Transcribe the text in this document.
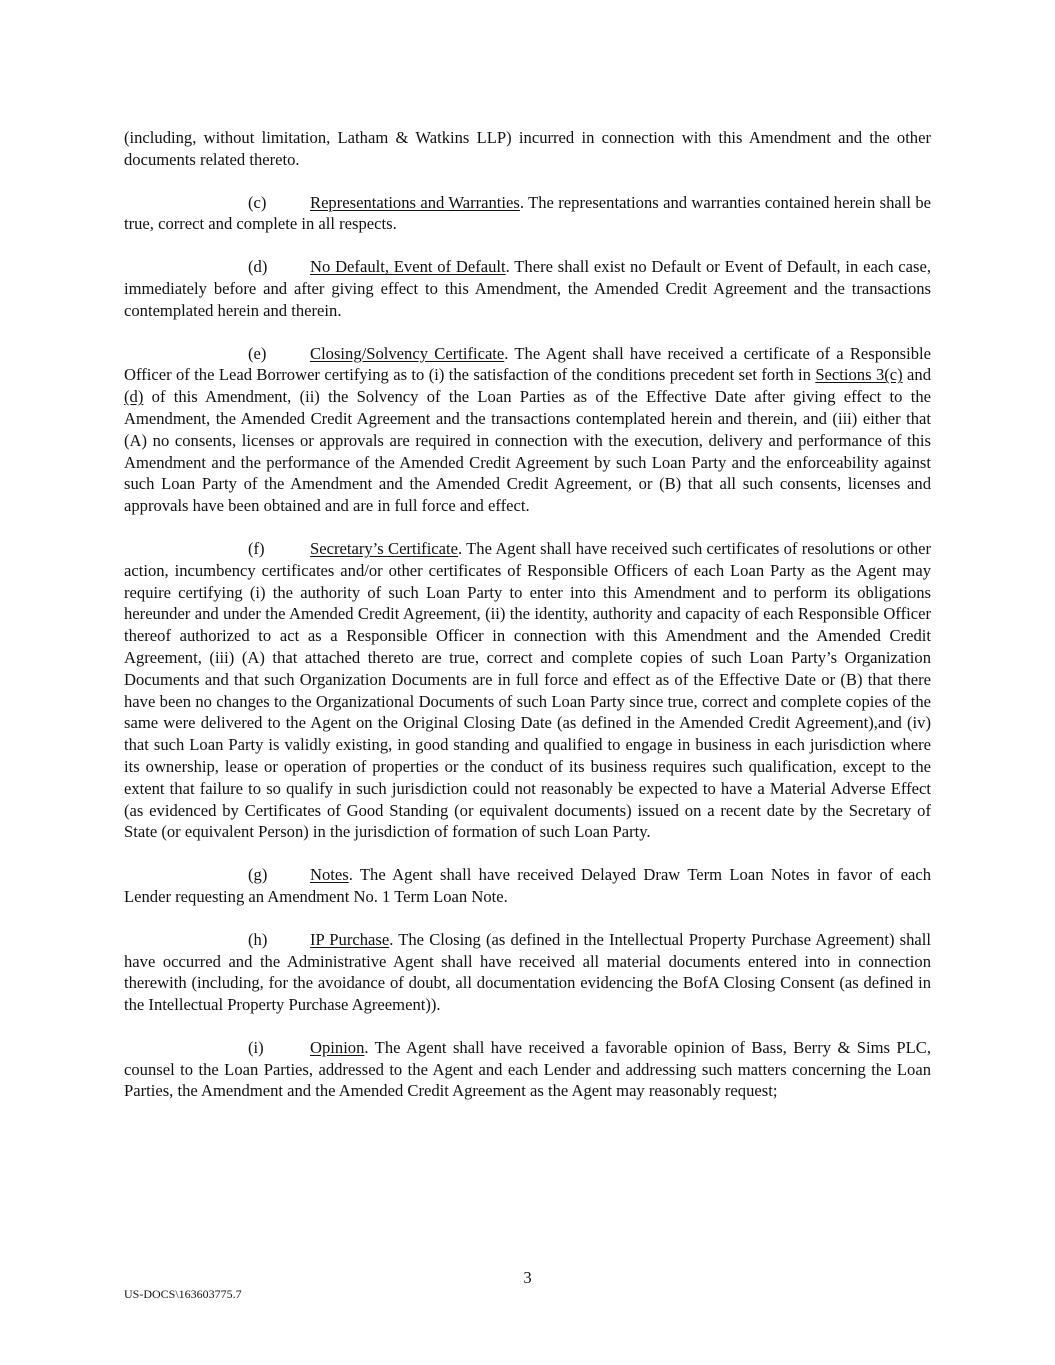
(including, without limitation, Latham & Watkins LLP) incurred in connection with this Amendment and the other documents related thereto.

(c)	Representations and Warranties. The representations and warranties contained herein shall be true, correct and complete in all respects.

(d)	No Default, Event of Default. There shall exist no Default or Event of Default, in each case, immediately before and after giving effect to this Amendment, the Amended Credit Agreement and the transactions contemplated herein and therein.

(e)	Closing/Solvency Certificate. The Agent shall have received a certificate of a Responsible Officer of the Lead Borrower certifying as to (i) the satisfaction of the conditions precedent set forth in Sections 3(c) and (d) of this Amendment, (ii) the Solvency of the Loan Parties as of the Effective Date after giving effect to the Amendment, the Amended Credit Agreement and the transactions contemplated herein and therein, and (iii) either that (A) no consents, licenses or approvals are required in connection with the execution, delivery and performance of this Amendment and the performance of the Amended Credit Agreement by such Loan Party and the enforceability against such Loan Party of the Amendment and the Amended Credit Agreement, or (B) that all such consents, licenses and approvals have been obtained and are in full force and effect.

(f)	Secretary’s Certificate. The Agent shall have received such certificates of resolutions or other action, incumbency certificates and/or other certificates of Responsible Officers of each Loan Party as the Agent may require certifying (i) the authority of such Loan Party to enter into this Amendment and to perform its obligations hereunder and under the Amended Credit Agreement, (ii) the identity, authority and capacity of each Responsible Officer thereof authorized to act as a Responsible Officer in connection with this Amendment and the Amended Credit Agreement, (iii) (A) that attached thereto are true, correct and complete copies of such Loan Party’s Organization Documents and that such Organization Documents are in full force and effect as of the Effective Date or (B) that there have been no changes to the Organizational Documents of such Loan Party since true, correct and complete copies of the same were delivered to the Agent on the Original Closing Date (as defined in the Amended Credit Agreement),and (iv) that such Loan Party is validly existing, in good standing and qualified to engage in business in each jurisdiction where its ownership, lease or operation of properties or the conduct of its business requires such qualification, except to the extent that failure to so qualify in such jurisdiction could not reasonably be expected to have a Material Adverse Effect (as evidenced by Certificates of Good Standing (or equivalent documents) issued on a recent date by the Secretary of State (or equivalent Person) in the jurisdiction of formation of such Loan Party.

(g)	Notes. The Agent shall have received Delayed Draw Term Loan Notes in favor of each Lender requesting an Amendment No. 1 Term Loan Note.

(h)	IP Purchase. The Closing (as defined in the Intellectual Property Purchase Agreement) shall have occurred and the Administrative Agent shall have received all material documents entered into in connection therewith (including, for the avoidance of doubt, all documentation evidencing the BofA Closing Consent (as defined in the Intellectual Property Purchase Agreement)).

(i)	Opinion. The Agent shall have received a favorable opinion of Bass, Berry & Sims PLC, counsel to the Loan Parties, addressed to the Agent and each Lender and addressing such matters concerning the Loan Parties, the Amendment and the Amended Credit Agreement as the Agent may reasonably request;

3
US-DOCS\163603775.7
